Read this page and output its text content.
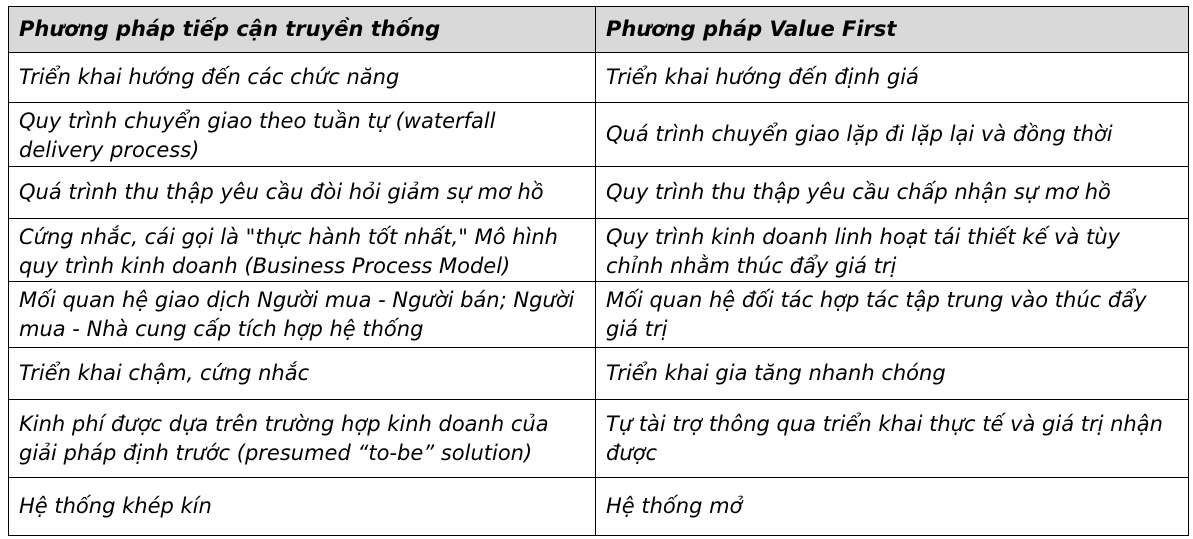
Phương pháp tiếp cận truyền thống	Phương pháp Value First
Triển khai hướng đến các chức năng	Triển khai hướng đến định giá
Quy trình chuyển giao theo tuần tự (waterfall delivery process)	Quá trình chuyển giao lặp đi lặp lại và đồng thời
Quá trình thu thập yêu cầu đòi hỏi giảm sự mơ hồ	Quy trình thu thập yêu cầu chấp nhận sự mơ hồ
Cứng nhắc, cái gọi là "thực hành tốt nhất," Mô hình quy trình kinh doanh (Business Process Model)	Quy trình kinh doanh linh hoạt tái thiết kế và tùy chỉnh nhằm thúc đẩy giá trị
Mối quan hệ giao dịch Người mua - Người bán; Người mua - Nhà cung cấp tích hợp hệ thống	Mối quan hệ đối tác hợp tác tập trung vào thúc đẩy giá trị
Triển khai chậm, cứng nhắc	Triển khai gia tăng nhanh chóng
Kinh phí được dựa trên trường hợp kinh doanh của giải pháp định trước (presumed “to-be” solution)	Tự tài trợ thông qua triển khai thực tế và giá trị nhận được
Hệ thống khép kín	Hệ thống mở
